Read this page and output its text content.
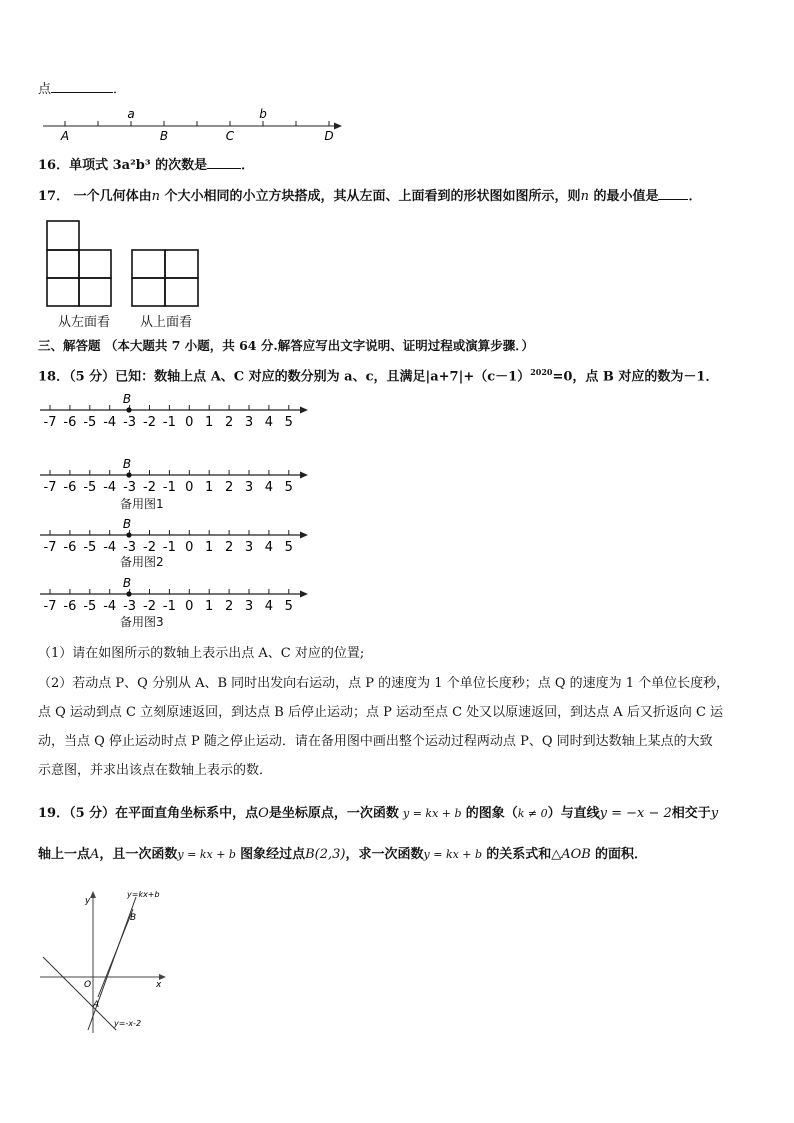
点	．
a	b
A	B	C	D
16．单项式 3a²b³ 的次数是	．
17． 一个几何体由n 个大小相同的小立方块搭成，其从左面、上面看到的形状图如图所示，则n 的最小值是 ．
从左面看 从上面看
三、解答题 （本大题共 7 小题，共 64 分.解答应写出文字说明、证明过程或演算步骤．）
18．（5 分）已知：数轴上点 A、C 对应的数分别为 a、c，且满足$|a+7|+(c-1)^{2020}=0$，点 B 对应的数为－1．
B
-7 -6 -5 -4 -3 -2 -1 0 1 2 3 4 5
B
-7 -6 -5 -4 -3 -2 -1 0 1 2 3 4 5
备用图1
B
-7 -6 -5 -4 -3 -2 -1 0 1 2 3 4 5
备用图2
B
-7 -6 -5 -4 -3 -2 -1 0 1 2 3 4 5
备用图3
（1）请在如图所示的数轴上表示出点 A、C 对应的位置;
（2）若动点 P、Q 分别从 A、B 同时出发向右运动，点 P 的速度为 1 个单位长度秒；点 Q 的速度为 1 个单位长度秒，
点 Q 运动到点 C 立刻原速返回，到达点 B 后停止运动；点 P 运动至点 C 处又以原速返回，到达点 A 后又折返向 C 运
动，当点 Q 停止运动时点 P 随之停止运动．请在备用图中画出整个运动过程两动点 P、Q 同时到达数轴上某点的大致
示意图，并求出该点在数轴上表示的数．
19．（5 分）在平面直角坐标系中，点O是坐标原点，一次函数 y = kx + b 的图象（k ≠ 0）与直线y = −x − 2相交于y
轴上一点A，且一次函数y = kx + b 图象经过点B(2,3)，求一次函数y = kx + b 的关系式和△AOB 的面积．
y
x
O
A
B
y=kx+b
y=-x-2
